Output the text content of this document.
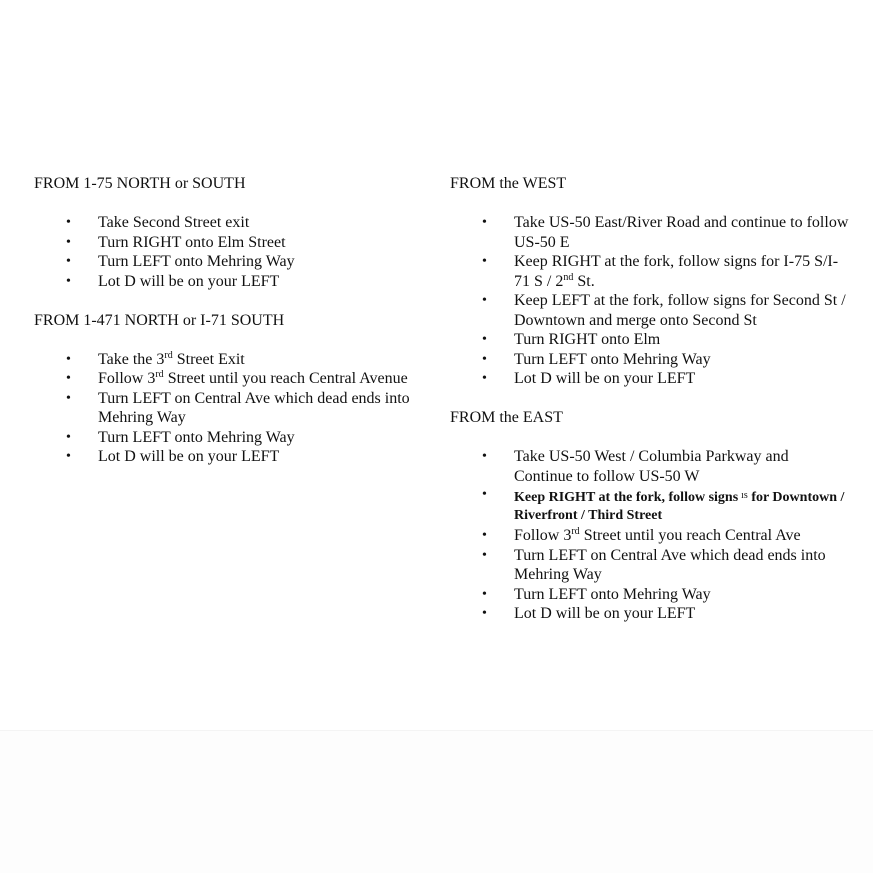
FROM 1-75 NORTH or SOUTH
• Take Second Street exit
• Turn RIGHT onto Elm Street
• Turn LEFT onto Mehring Way
• Lot D will be on your LEFT
FROM 1-471 NORTH or I-71 SOUTH
• Take the 3rd Street Exit
• Follow 3rd Street until you reach Central Avenue
• Turn LEFT on Central Ave which dead ends into Mehring Way
• Turn LEFT onto Mehring Way
• Lot D will be on your LEFT
FROM the WEST
• Take US-50 East/River Road and continue to follow US-50 E
• Keep RIGHT at the fork, follow signs for I-75 S/I-71 S / 2nd St.
• Keep LEFT at the fork, follow signs for Second St / Downtown and merge onto Second St
• Turn RIGHT onto Elm
• Turn LEFT onto Mehring Way
• Lot D will be on your LEFT
FROM the EAST
• Take US-50 West / Columbia Parkway and Continue to follow US-50 W
• Keep RIGHT at the fork, follow signs $^{ıs}$ for Downtown / Riverfront / Third Street
• Follow 3rd Street until you reach Central Ave
• Turn LEFT on Central Ave which dead ends into Mehring Way
• Turn LEFT onto Mehring Way
• Lot D will be on your LEFT
